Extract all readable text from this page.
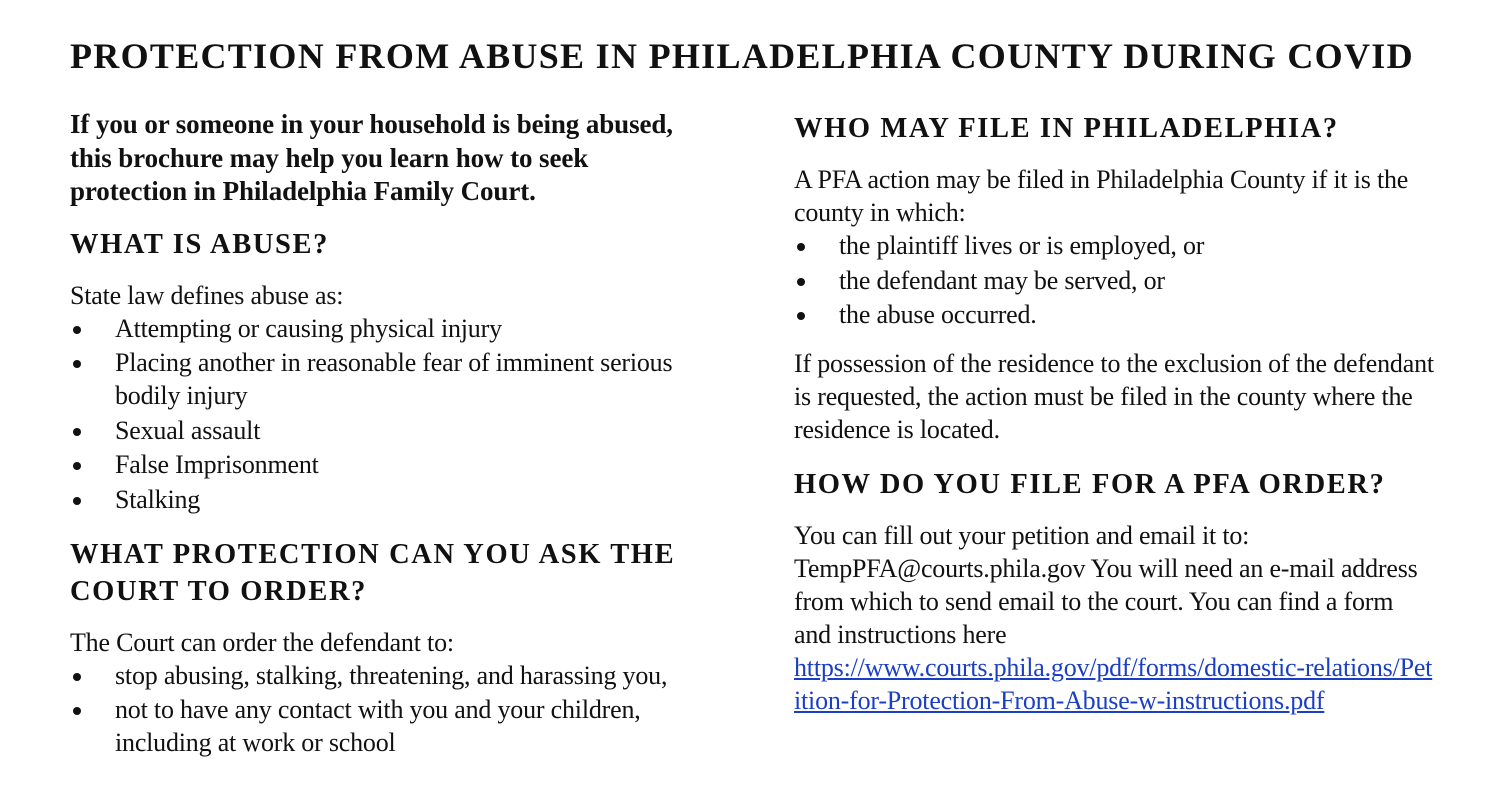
PROTECTION FROM ABUSE IN PHILADELPHIA COUNTY DURING COVID

If you or someone in your household is being abused, this brochure may help you learn how to seek protection in Philadelphia Family Court.

WHAT IS ABUSE?

State law defines abuse as:

Attempting or causing physical injury
Placing another in reasonable fear of imminent serious bodily injury
Sexual assault
False Imprisonment
Stalking
WHAT PROTECTION CAN YOU ASK THE COURT TO ORDER?

The Court can order the defendant to:

stop abusing, stalking, threatening, and harassing you,
not to have any contact with you and your children, including at work or school
WHO MAY FILE IN PHILADELPHIA?

A PFA action may be filed in Philadelphia County if it is the county in which:

the plaintiff lives or is employed, or
the defendant may be served, or
the abuse occurred.

If possession of the residence to the exclusion of the defendant is requested, the action must be filed in the county where the residence is located.

HOW DO YOU FILE FOR A PFA ORDER?

You can fill out your petition and email it to: TempPFA@courts.phila.gov You will need an e-mail address from which to send email to the court. You can find a form and instructions here
https://www.courts.phila.gov/pdf/forms/domestic-relations/Petition-for-Protection-From-Abuse-w-instructions.pdf
